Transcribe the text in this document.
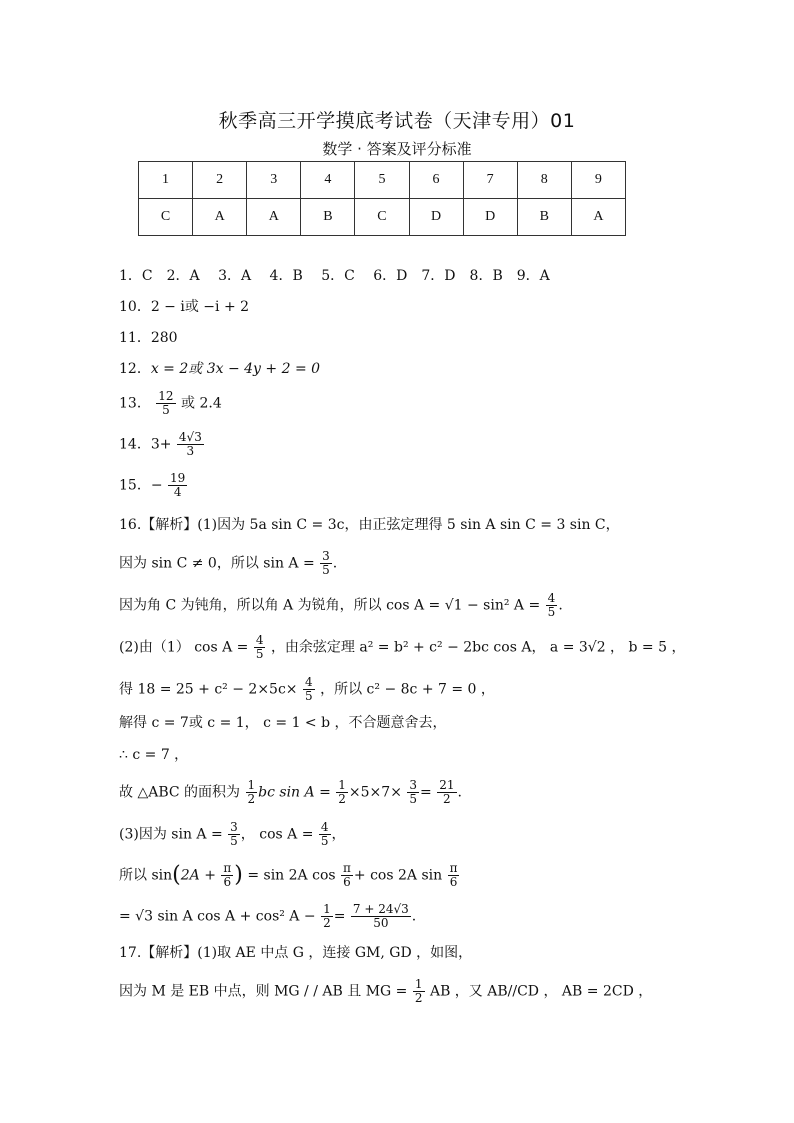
秋季高三开学摸底考试卷（天津专用）01
数学 · 答案及评分标准
1	2	3	4	5	6	7	8	9
C	A	A	B	C	D	D	B	A
1．C　2．A　 3．A　 4．B　 5．C　 6．D　7．D　8．B　9．A
10．2 − i或 −i + 2
11．280
12．x = 2或 3x − 4y + 2 = 0
13． $\frac{12}{5}$ 或 2.4
14．$3+ \frac{4√3}{3}$
15．− $\frac{19}{4}$
16.【解析】(1)因为 5a sin C = 3c，由正弦定理得 5 sin A sin C = 3 sin C，
因为 sin C ≠ 0，所以 $\sin A = \frac{3}{5}$ .
因为角 C 为钝角，所以角 A 为锐角，所以 cos A = √1 − sin² $A = \frac{4}{5}$ .
(2)由（1） $\cos A = \frac{4}{5}$ ，由余弦定理 a² = b² + c² − 2bc cos A， a = 3√2 ， b = 5 ，
得 $18 = 25 + c^2 - 2\times 5c\times \frac{4}{5}$ ，所以 c² − 8c + 7 = 0 ，
解得 c = 7或 c = 1， c = 1 < b ，不合题意舍去，
∴ c = 7 ，
故 △ABC 的面积为 $\frac{1}{2}$ bc $\sin A = \frac{1}{2} \times 5\times 7\times \frac{3}{5} = \frac{21}{2}$ .
(3)因为 $\sin A = \frac{3}{5}$ ， $\cos A = \frac{4}{5}$ ，
所以 $\sin(2A + \frac{\pi}{6}$ ) = sin 2A $\cos \frac{\pi}{6} + \cos 2A$ $\sin \frac{\pi}{6}$
= √3 sin A cos A + cos² $A - \frac{1}{2} = \frac{7 + 24√3}{50}$ .
17.【解析】(1)取 AE 中点 G ，连接 GM, GD ，如图，
因为 M 是 EB 中点，则 MG / / AB 且 MG = $\frac{1}{2}$ AB ，又 AB//CD ， AB = 2CD ，
